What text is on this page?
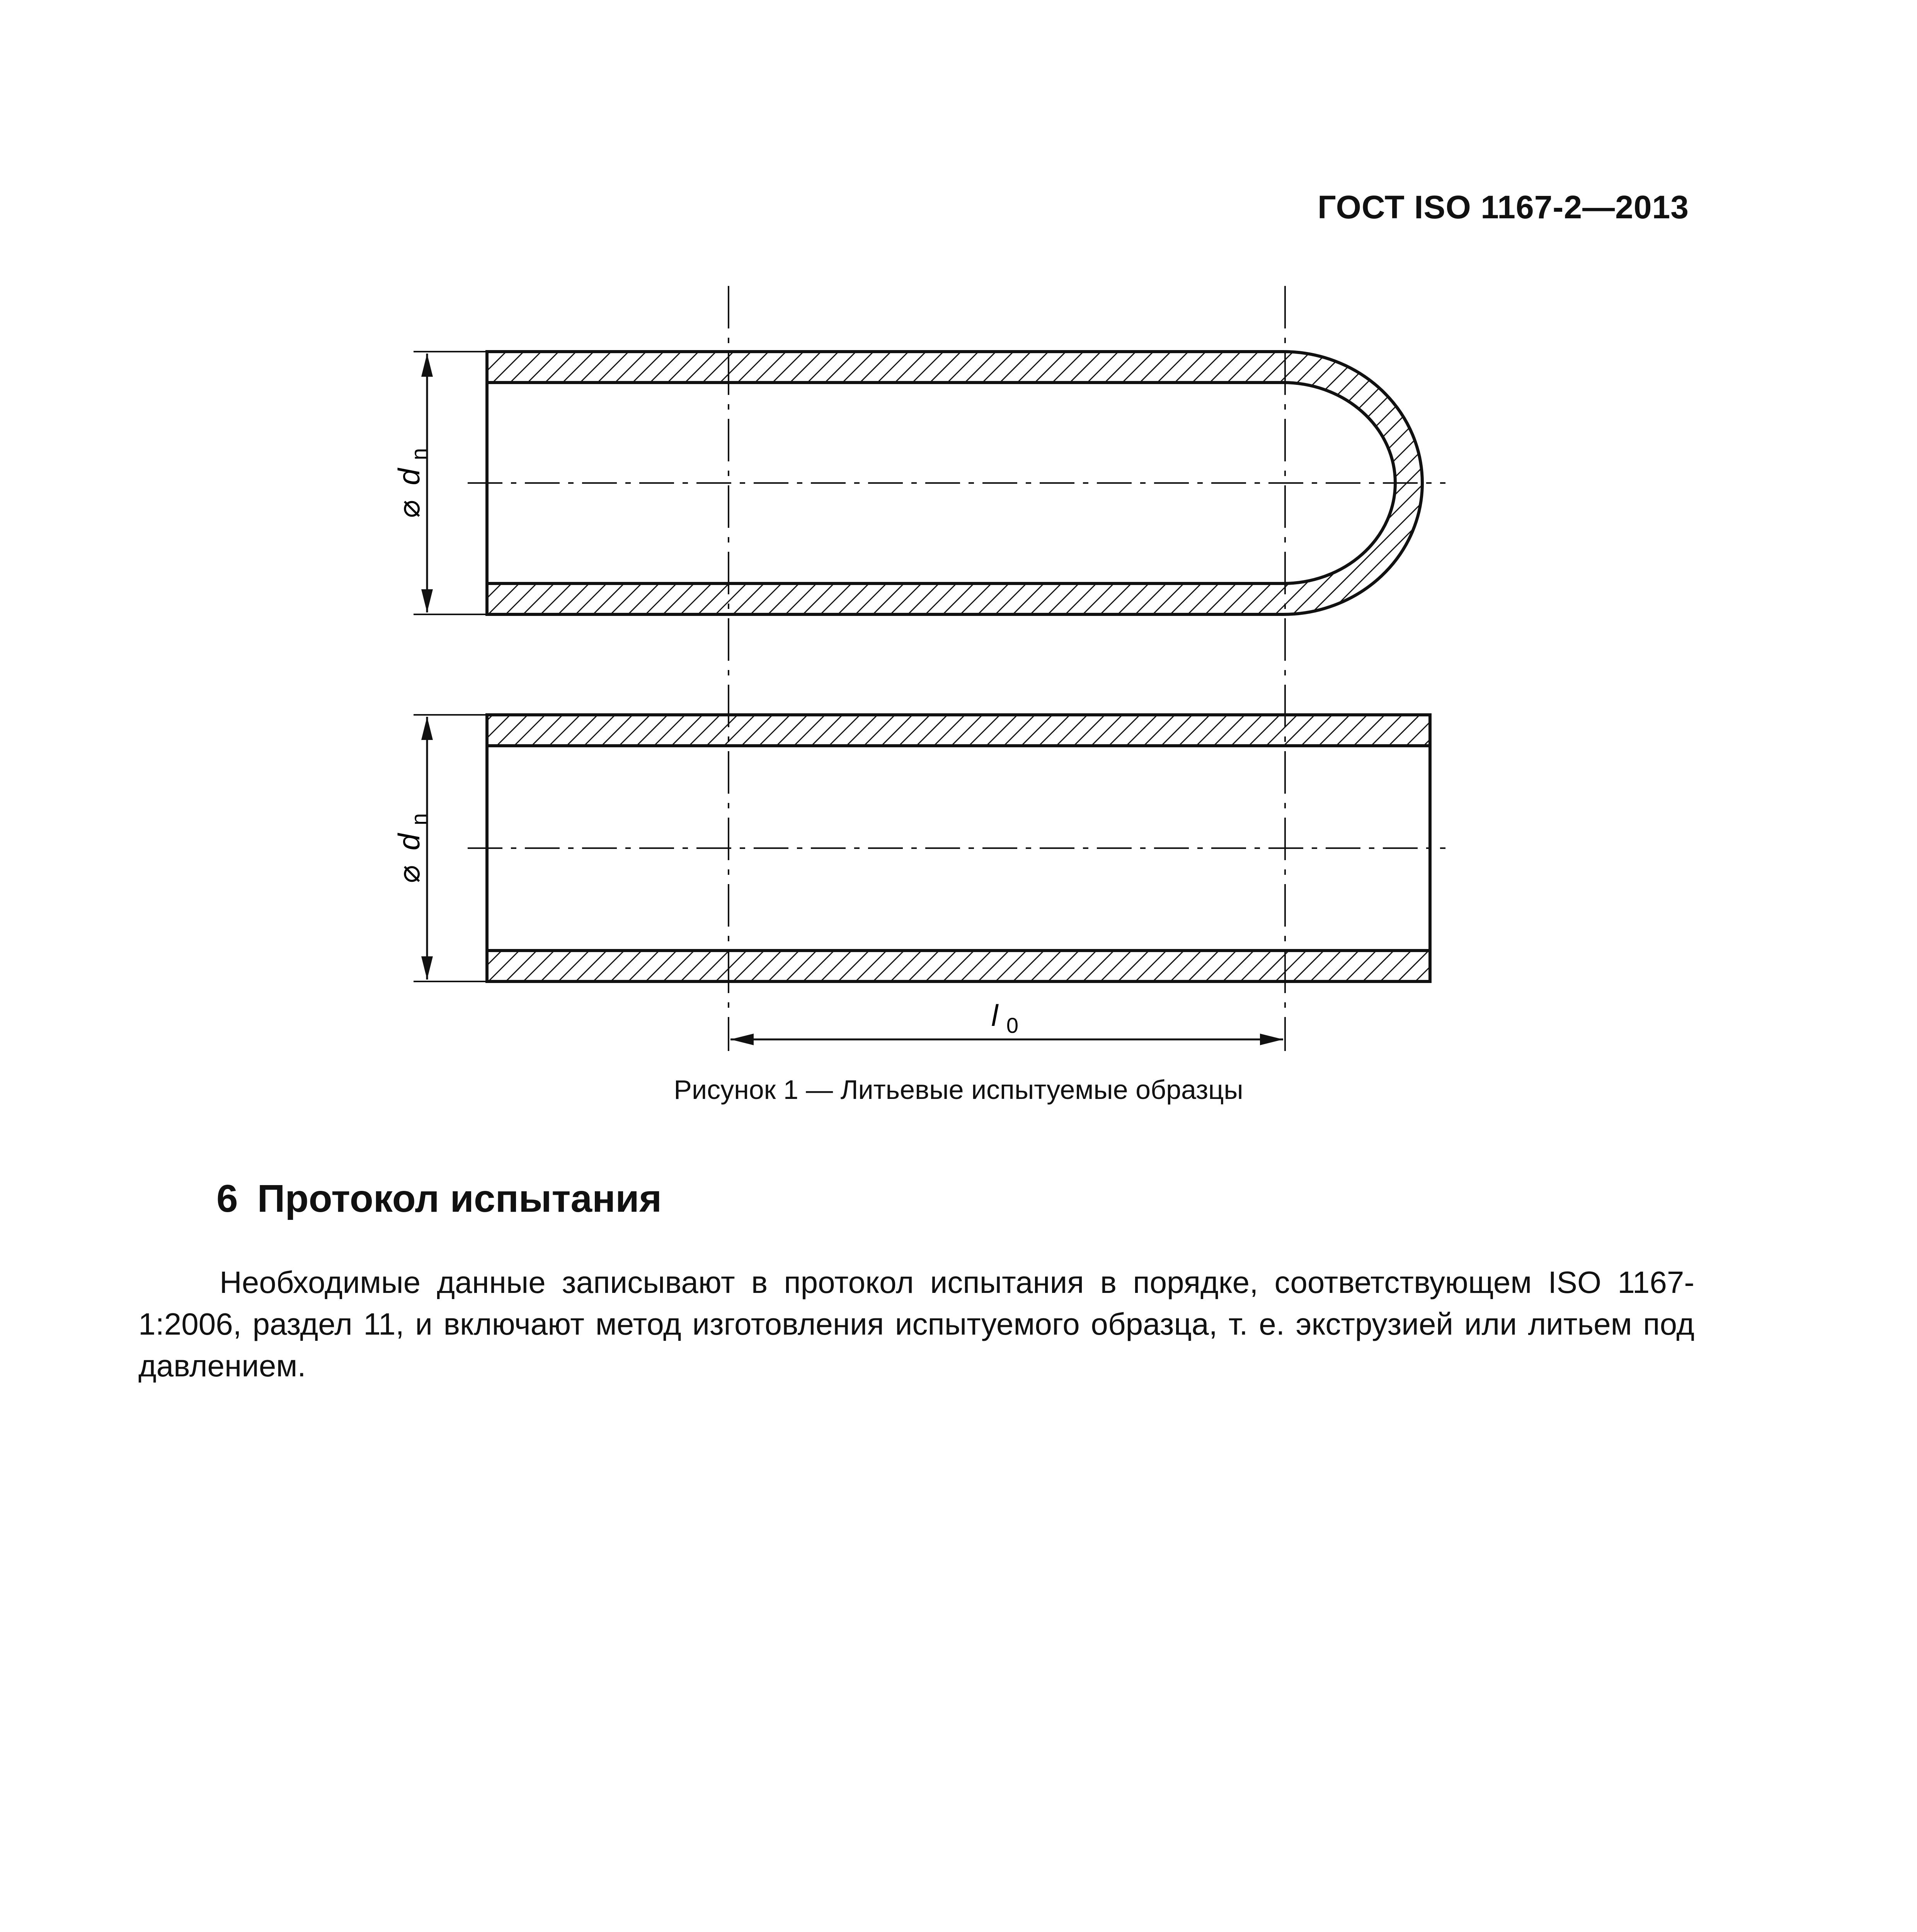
ГОСТ ISO 1167-2—2013
⌀ d $_n$
⌀ d $_n$
l $_0$
Рисунок 1 — Литьевые испытуемые образцы
6 Протокол испытания
Необходимые данные записывают в протокол испытания в порядке, соответствующем ISO 1167-1:2006, раздел 11, и включают метод изготовления испытуемого образца, т. е. экструзией или литьем под давлением.
